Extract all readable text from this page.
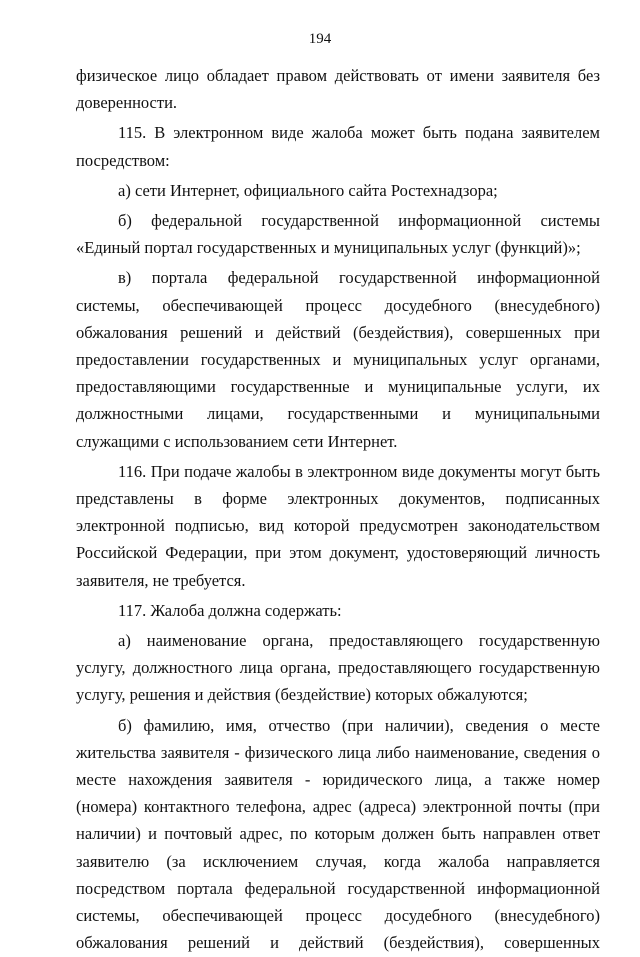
194

физическое лицо обладает правом действовать от имени заявителя без доверенности.

115. В электронном виде жалоба может быть подана заявителем посредством:

а) сети Интернет, официального сайта Ростехнадзора;

б) федеральной государственной информационной системы «Единый портал государственных и муниципальных услуг (функций)»;

в) портала федеральной государственной информационной системы, обеспечивающей процесс досудебного (внесудебного) обжалования решений и действий (бездействия), совершенных при предоставлении государственных и муниципальных услуг органами, предоставляющими государственные и муниципальные услуги, их должностными лицами, государственными и муниципальными служащими с использованием сети Интернет.

116. При подаче жалобы в электронном виде документы могут быть представлены в форме электронных документов, подписанных электронной подписью, вид которой предусмотрен законодательством Российской Федерации, при этом документ, удостоверяющий личность заявителя, не требуется.

117. Жалоба должна содержать:

а) наименование органа, предоставляющего государственную услугу, должностного лица органа, предоставляющего государственную услугу, решения и действия (бездействие) которых обжалуются;

б) фамилию, имя, отчество (при наличии), сведения о месте жительства заявителя - физического лица либо наименование, сведения о месте нахождения заявителя - юридического лица, а также номер (номера) контактного телефона, адрес (адреса) электронной почты (при наличии) и почтовый адрес, по которым должен быть направлен ответ заявителю (за исключением случая, когда жалоба направляется посредством портала федеральной государственной информационной системы, обеспечивающей процесс досудебного (внесудебного) обжалования решений и действий (бездействия), совершенных
